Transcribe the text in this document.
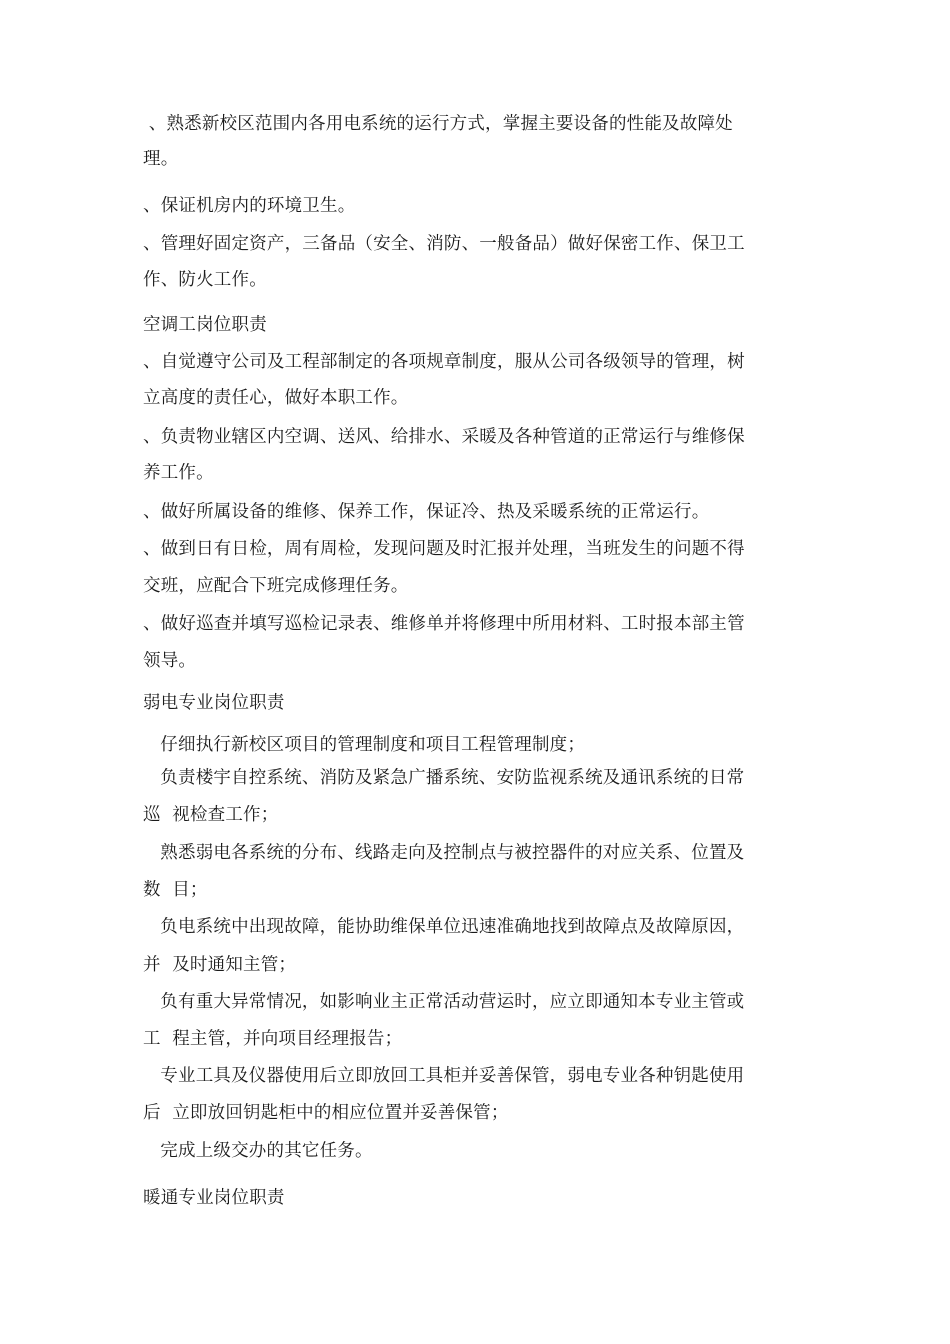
、熟悉新校区范围内各用电系统的运行方式，掌握主要设备的性能及故障处
理。
、保证机房内的环境卫生。
、管理好固定资产，三备品（安全、消防、一般备品）做好保密工作、保卫工
作、防火工作。
空调工岗位职责
、自觉遵守公司及工程部制定的各项规章制度，服从公司各级领导的管理，树
立高度的责任心，做好本职工作。
、负责物业辖区内空调、送风、给排水、采暖及各种管道的正常运行与维修保
养工作。
、做好所属设备的维修、保养工作，保证冷、热及采暖系统的正常运行。
、做到日有日检，周有周检，发现问题及时汇报并处理，当班发生的问题不得
交班，应配合下班完成修理任务。
、做好巡查并填写巡检记录表、维修单并将修理中所用材料、工时报本部主管
领导。
弱电专业岗位职责
仔细执行新校区项目的管理制度和项目工程管理制度；
负责楼宇自控系统、消防及紧急广播系统、安防监视系统及通讯系统的日常
巡  视检查工作；
熟悉弱电各系统的分布、线路走向及控制点与被控器件的对应关系、位置及
数  目；
负电系统中出现故障，能协助维保单位迅速准确地找到故障点及故障原因，
并  及时通知主管；
负有重大异常情况，如影响业主正常活动营运时，应立即通知本专业主管或
工  程主管，并向项目经理报告；
专业工具及仪器使用后立即放回工具柜并妥善保管，弱电专业各种钥匙使用
后  立即放回钥匙柜中的相应位置并妥善保管；
完成上级交办的其它任务。
暖通专业岗位职责
